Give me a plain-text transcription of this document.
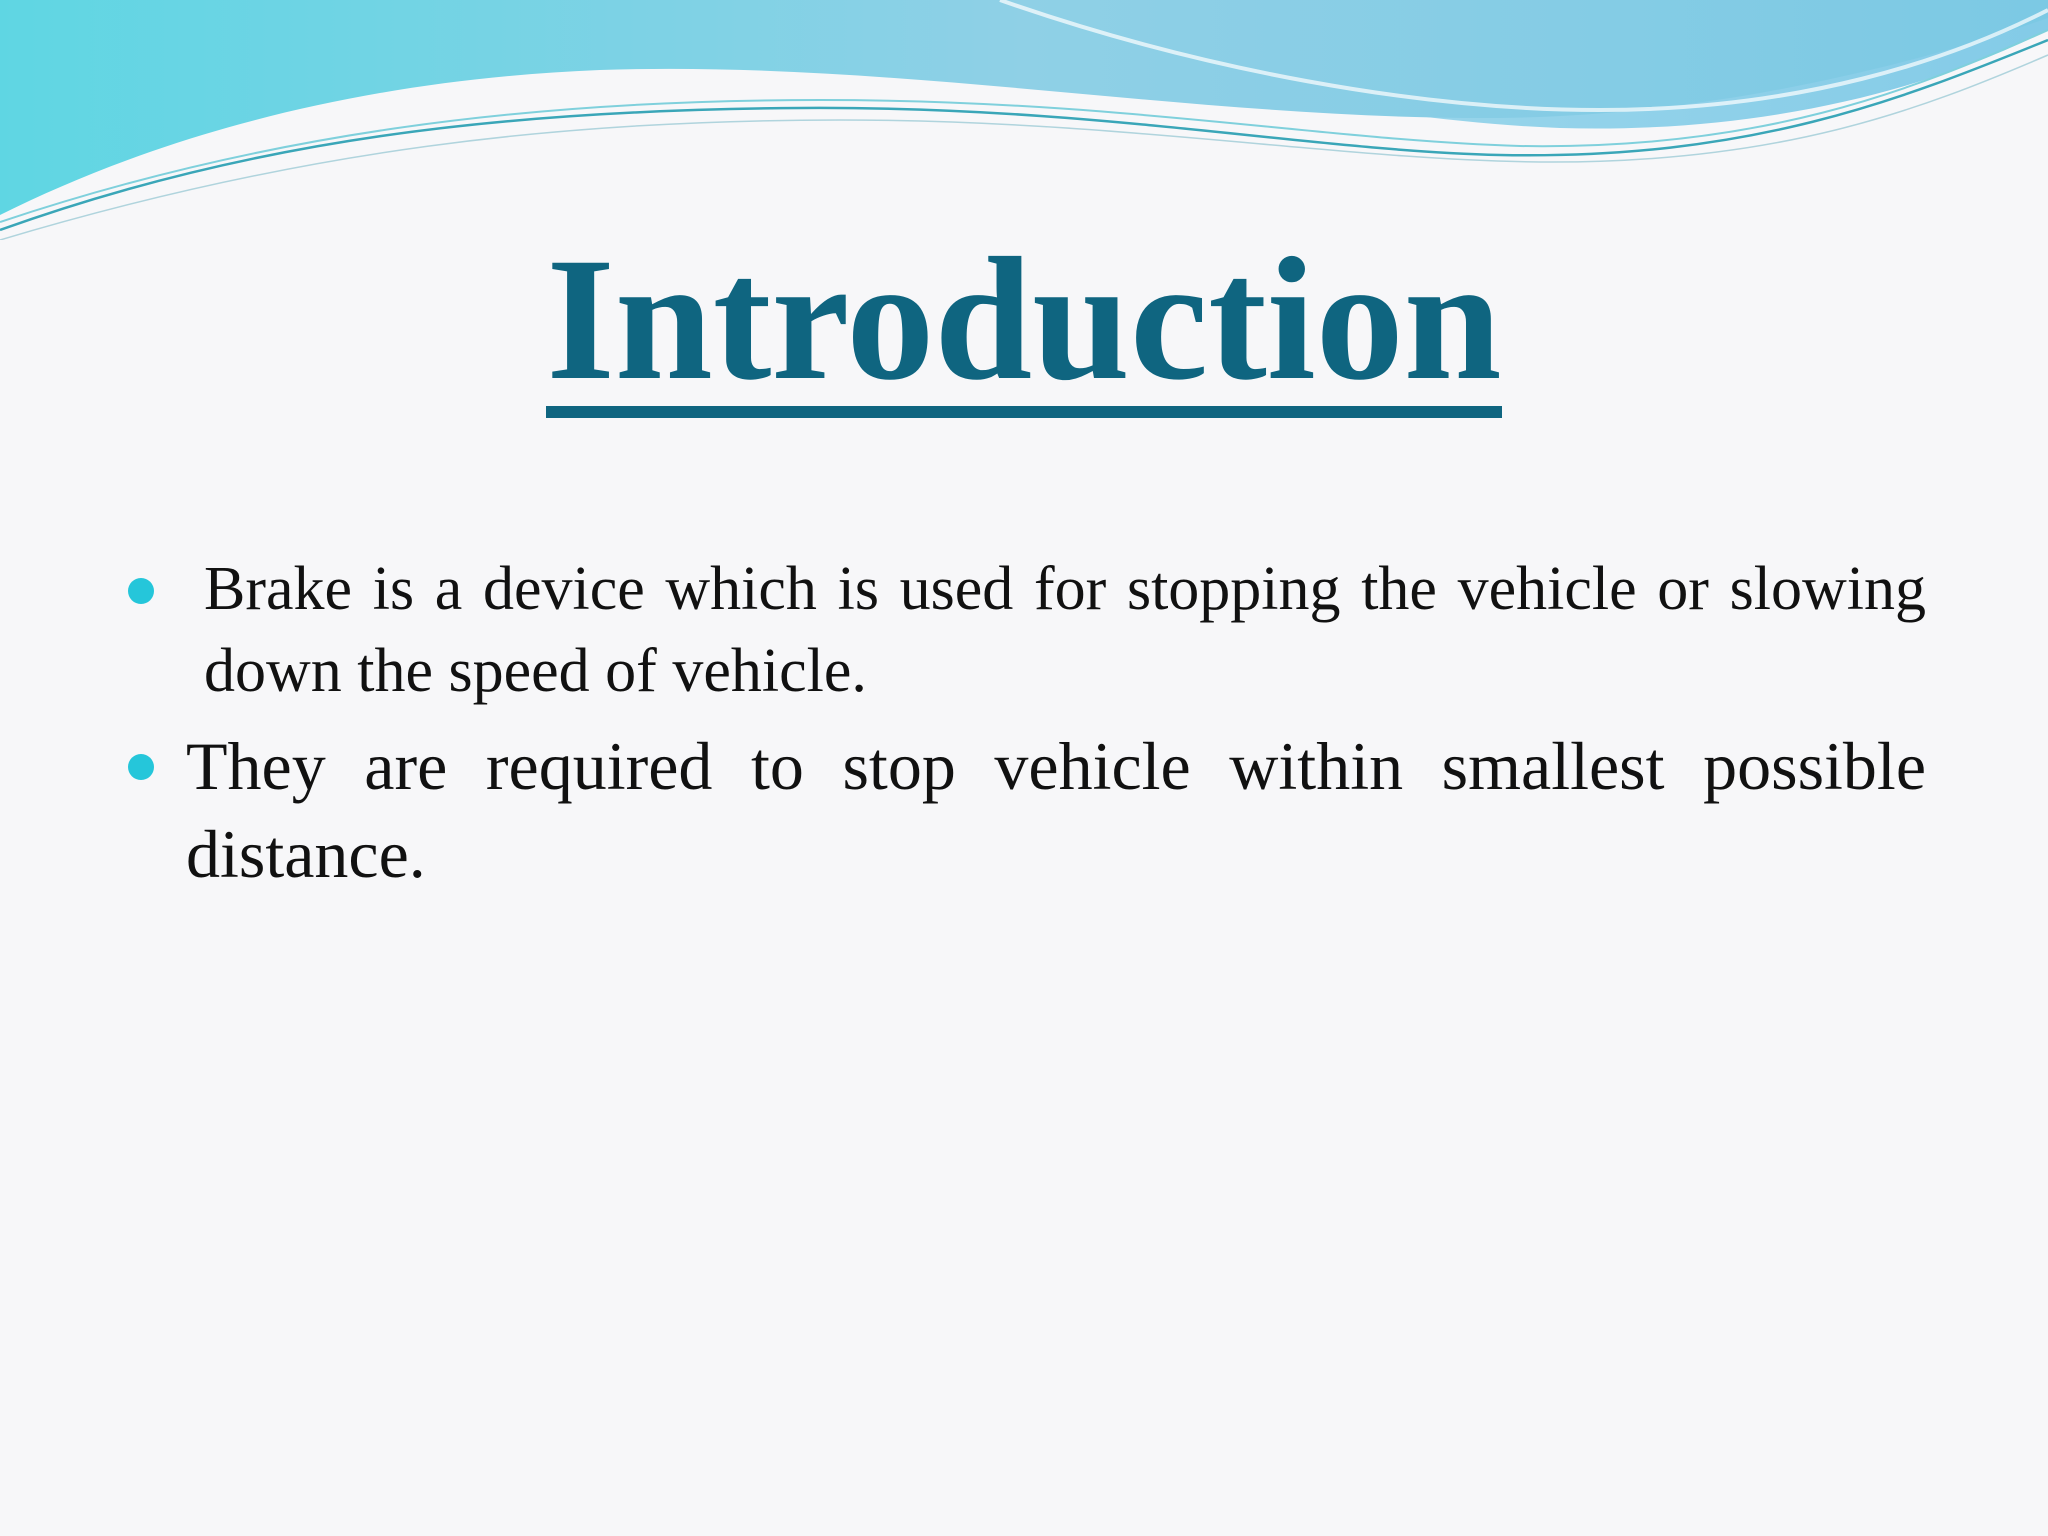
Introduction
Brake is a device which is used for stopping the vehicle or slowing down the speed of vehicle.
They are required to stop vehicle within smallest possible distance.
